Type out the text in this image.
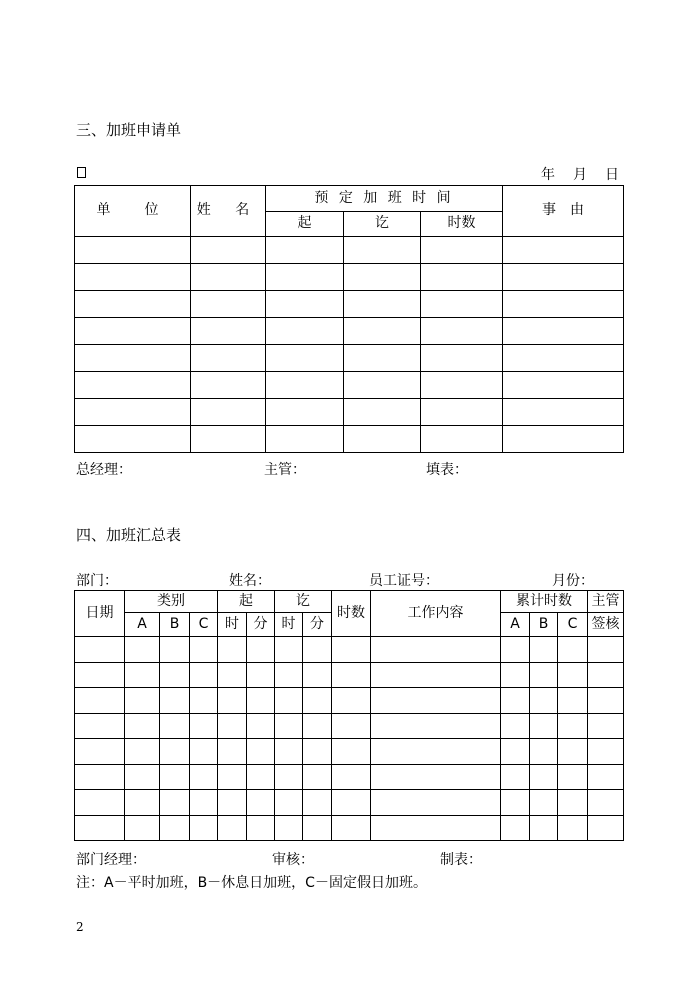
三、加班申请单
年　月　日
单　位	姓 名	预 定 加 班 时 间			事　由
		起	讫	时数	

总经理：	主管：	填表：
四、加班汇总表
部门：	姓名：	员工证号：	月份：
日期	类别			起		讫		时数	工作内容	累计时数			主管
	A	B	C	时	分	时	分			A	B	C	签核

部门经理：	审核：	制表：
注：A－平时加班，B－休息日加班，C－固定假日加班。
2
